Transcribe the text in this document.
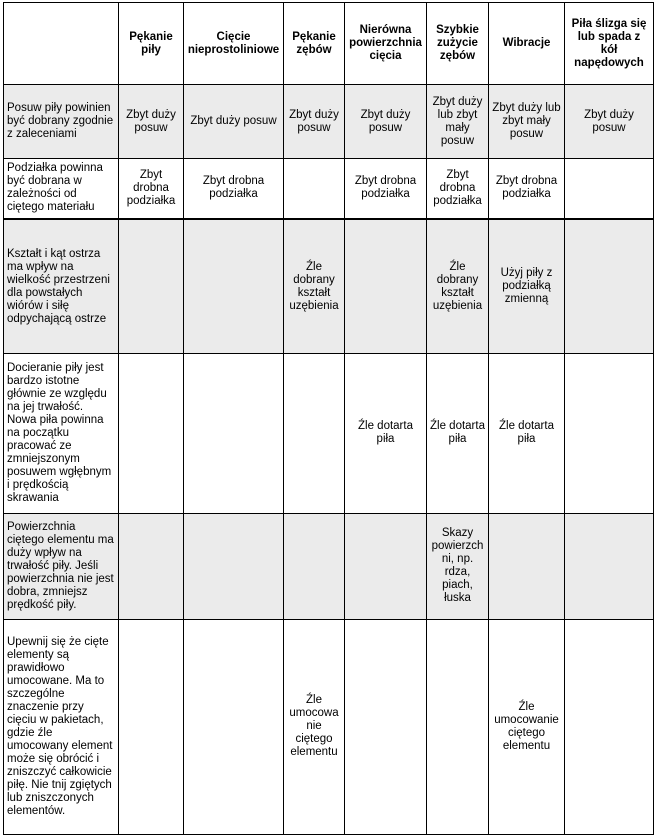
	Pękanie piły	Cięcie nieprostoliniowe	Pękanie zębów	Nierówna powierzchnia cięcia	Szybkie zużycie zębów	Wibracje	Piła ślizga się lub spada z kół napędowych
Posuw piły powinien być dobrany zgodnie z zaleceniami	Zbyt duży posuw	Zbyt duży posuw	Zbyt duży posuw	Zbyt duży posuw	Zbyt duży lub zbyt mały posuw	Zbyt duży lub zbyt mały posuw	Zbyt duży posuw
Podziałka powinna być dobrana w zależności od ciętego materiału	Zbyt drobna podziałka	Zbyt drobna podziałka		Zbyt drobna podziałka	Zbyt drobna podziałka	Zbyt drobna podziałka	
Kształt i kąt ostrza ma wpływ na wielkość przestrzeni dla powstałych wiórów i siłę odpychającą ostrze			Źle dobrany kształt uzębienia		Źle dobrany kształt uzębienia	Użyj piły z podziałką zmienną	
Docieranie piły jest bardzo istotne głównie ze względu na jej trwałość. Nowa piła powinna na początku pracować ze zmniejszonym posuwem wgłębnym i prędkością skrawania				Źle dotarta piła	Źle dotarta piła	Źle dotarta piła	
Powierzchnia ciętego elementu ma duży wpływ na trwałość piły. Jeśli powierzchnia nie jest dobra, zmniejsz prędkość piły.					Skazy powierzchni, np. rdza, piach, łuska		
Upewnij się że cięte elementy są prawidłowo umocowane. Ma to szczególne znaczenie przy cięciu w pakietach, gdzie źle umocowany element może się obrócić i zniszczyć całkowicie piłę. Nie tnij zgiętych lub zniszczonych elementów.			Źle umocowanie ciętego elementu			Źle umocowanie ciętego elementu	
